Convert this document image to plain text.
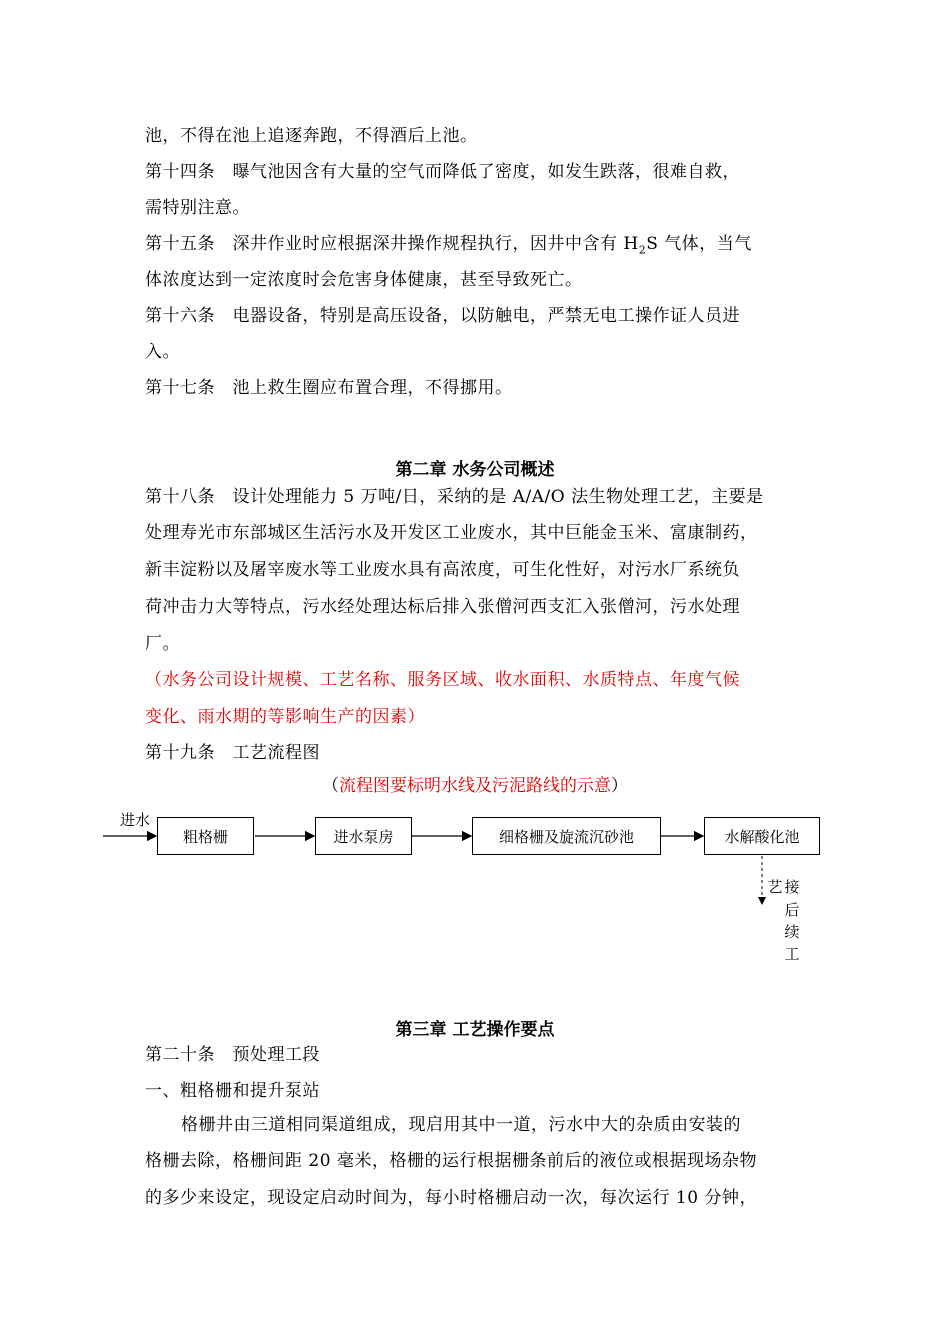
池，不得在池上追逐奔跑，不得酒后上池。
第十四条　曝气池因含有大量的空气而降低了密度，如发生跌落，很难自救，
需特别注意。
第十五条　深井作业时应根据深井操作规程执行，因井中含有 $H_2S$ 气体，当气
体浓度达到一定浓度时会危害身体健康，甚至导致死亡。
第十六条　电器设备，特别是高压设备，以防触电，严禁无电工操作证人员进
入。
第十七条　池上救生圈应布置合理，不得挪用。
第二章 水务公司概述
第十八条　设计处理能力 5 万吨/日，采纳的是 A/A/O 法生物处理工艺，主要是
处理寿光市东部城区生活污水及开发区工业废水，其中巨能金玉米、富康制药，
新丰淀粉以及屠宰废水等工业废水具有高浓度，可生化性好，对污水厂系统负
荷冲击力大等特点，污水经处理达标后排入张僧河西支汇入张僧河，污水处理
厂。
（水务公司设计规模、工艺名称、服务区域、收水面积、水质特点、年度气候
变化、雨水期的等影响生产的因素）
第十九条　工艺流程图
（流程图要标明水线及污泥路线的示意）
进水
粗格栅	进水泵房	细格栅及旋流沉砂池	水解酸化池
艺 接
后
续
工
第三章 工艺操作要点
第二十条　预处理工段
一、粗格栅和提升泵站
格栅井由三道相同渠道组成，现启用其中一道，污水中大的杂质由安装的
格栅去除，格栅间距 20 毫米，格栅的运行根据栅条前后的液位或根据现场杂物
的多少来设定，现设定启动时间为，每小时格栅启动一次，每次运行 10 分钟，
